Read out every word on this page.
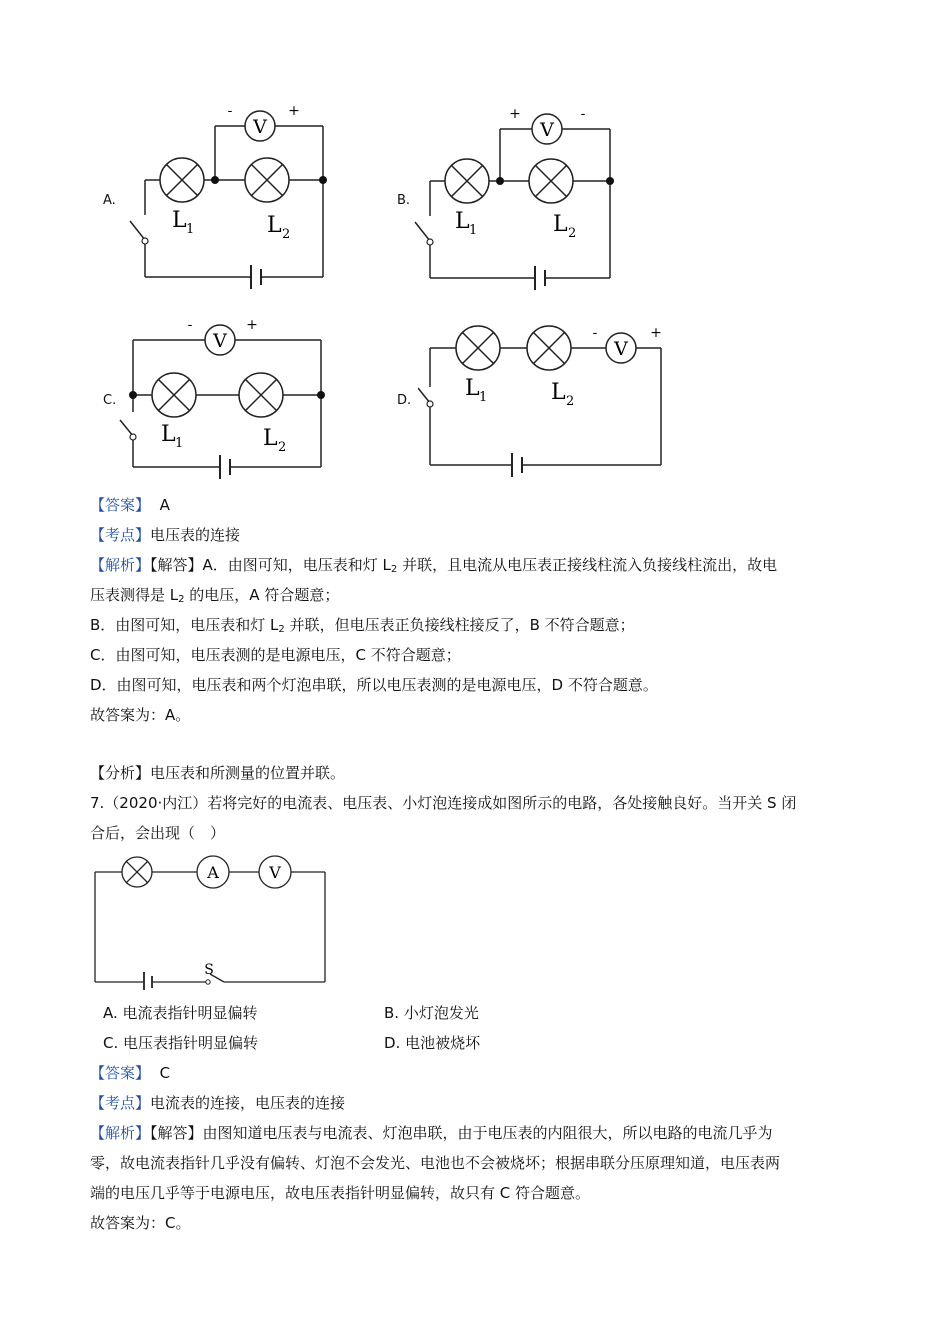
A.
V
-	+
L 1	L 2
B.
V
+	-
L 1	L 2
C.
V
-	+
L 1	L 2
D.
V
-	+
L 1	L 2
【答案】 A
【考点】电压表的连接
【解析】【解答】A．由图可知，电压表和灯 $L_2$ 并联，且电流从电压表正接线柱流入负接线柱流出，故电
压表测得是 $L_2$ 的电压，A 符合题意；
B．由图可知，电压表和灯 $L_2$ 并联，但电压表正负接线柱接反了，B 不符合题意；
C．由图可知，电压表测的是电源电压，C 不符合题意；
D．由图可知，电压表和两个灯泡串联，所以电压表测的是电源电压，D 不符合题意。
故答案为：A。
【分析】电压表和所测量的位置并联。
7.（2020·内江）若将完好的电流表、电压表、小灯泡连接成如图所示的电路，各处接触良好。当开关 S 闭
合后，会出现（　）
A	V
S
A. 电流表指针明显偏转	B. 小灯泡发光
C. 电压表指针明显偏转	D. 电池被烧坏
【答案】 C
【考点】电流表的连接，电压表的连接
【解析】【解答】由图知道电压表与电流表、灯泡串联，由于电压表的内阻很大，所以电路的电流几乎为
零，故电流表指针几乎没有偏转、灯泡不会发光、电池也不会被烧坏；根据串联分压原理知道，电压表两
端的电压几乎等于电源电压，故电压表指针明显偏转，故只有 C 符合题意。
故答案为：C。
